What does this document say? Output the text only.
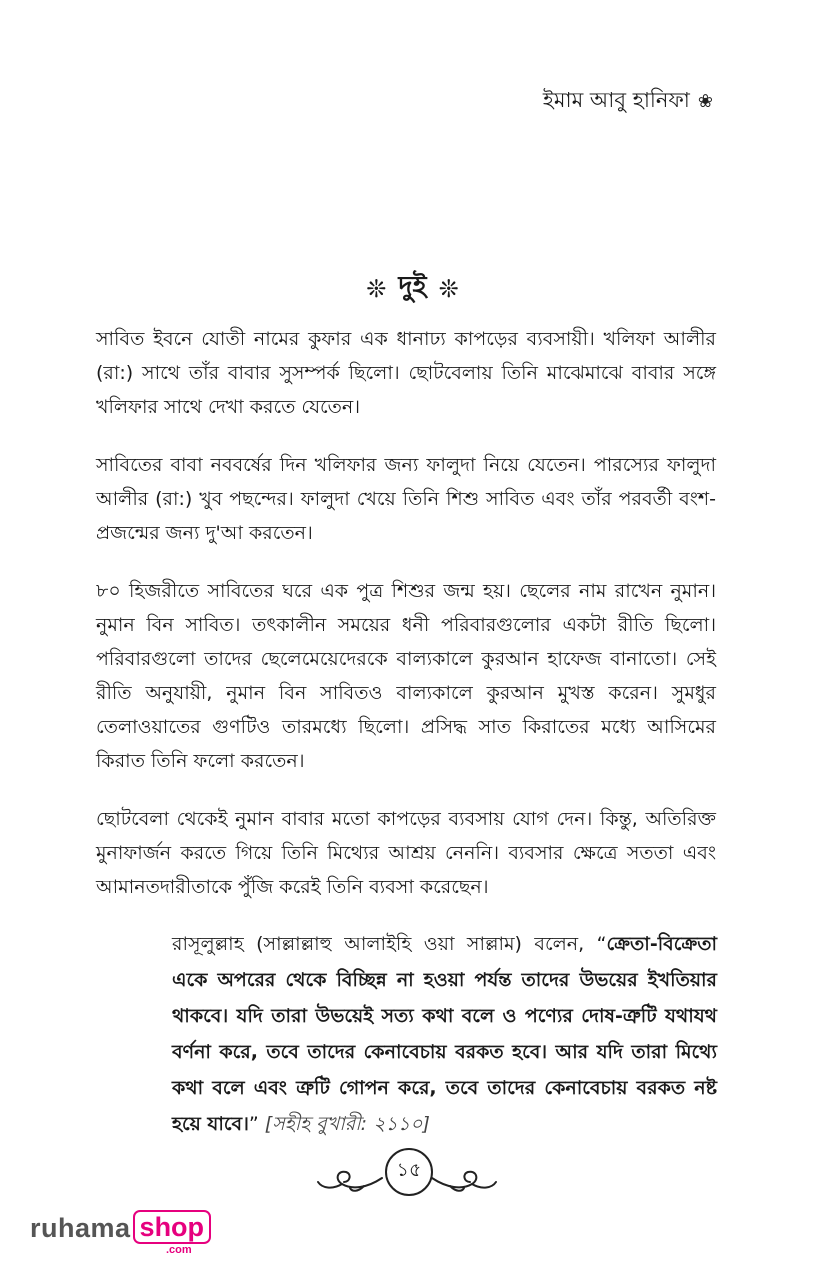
ইমাম আবু হানিফা ❀
❊ দুই ❊

সাবিত ইবনে যোতী নামের কুফার এক ধানাঢ্য কাপড়ের ব্যবসায়ী। খলিফা আলীর (রা:) সাথে তাঁর বাবার সুসম্পর্ক ছিলো। ছোটবেলায় তিনি মাঝেমাঝে বাবার সঙ্গে খলিফার সাথে দেখা করতে যেতেন।

সাবিতের বাবা নববর্ষের দিন খলিফার জন্য ফালুদা নিয়ে যেতেন। পারস্যের ফালুদা আলীর (রা:) খুব পছন্দের। ফালুদা খেয়ে তিনি শিশু সাবিত এবং তাঁর পরবর্তী বংশ-প্রজন্মের জন্য দু'আ করতেন।

৮০ হিজরীতে সাবিতের ঘরে এক পুত্র শিশুর জন্ম হয়। ছেলের নাম রাখেন নুমান। নুমান বিন সাবিত। তৎকালীন সময়ের ধনী পরিবারগুলোর একটা রীতি ছিলো। পরিবারগুলো তাদের ছেলেমেয়েদেরকে বাল্যকালে কুরআন হাফেজ বানাতো। সেই রীতি অনুযায়ী, নুমান বিন সাবিতও বাল্যকালে কুরআন মুখস্ত করেন। সুমধুর তেলাওয়াতের গুণটিও তারমধ্যে ছিলো। প্রসিদ্ধ সাত কিরাতের মধ্যে আসিমের কিরাত তিনি ফলো করতেন।

ছোটবেলা থেকেই নুমান বাবার মতো কাপড়ের ব্যবসায় যোগ দেন। কিন্তু, অতিরিক্ত মুনাফার্জন করতে গিয়ে তিনি মিথ্যের আশ্রয় নেননি। ব্যবসার ক্ষেত্রে সততা এবং আমানতদারীতাকে পুঁজি করেই তিনি ব্যবসা করেছেন।

রাসূলুল্লাহ (সাল্লাল্লাহু আলাইহি ওয়া সাল্লাম) বলেন, “ক্রেতা-বিক্রেতা একে অপরের থেকে বিচ্ছিন্ন না হওয়া পর্যন্ত তাদের উভয়ের ইখতিয়ার থাকবে। যদি তারা উভয়েই সত্য কথা বলে ও পণ্যের দোষ-ত্রুটি যথাযথ বর্ণনা করে, তবে তাদের কেনাবেচায় বরকত হবে। আর যদি তারা মিথ্যে কথা বলে এবং ত্রুটি গোপন করে, তবে তাদের কেনাবেচায় বরকত নষ্ট হয়ে যাবে।” [সহীহ বুখারী: ২১১০]
১৫
ruhama shop
.com
